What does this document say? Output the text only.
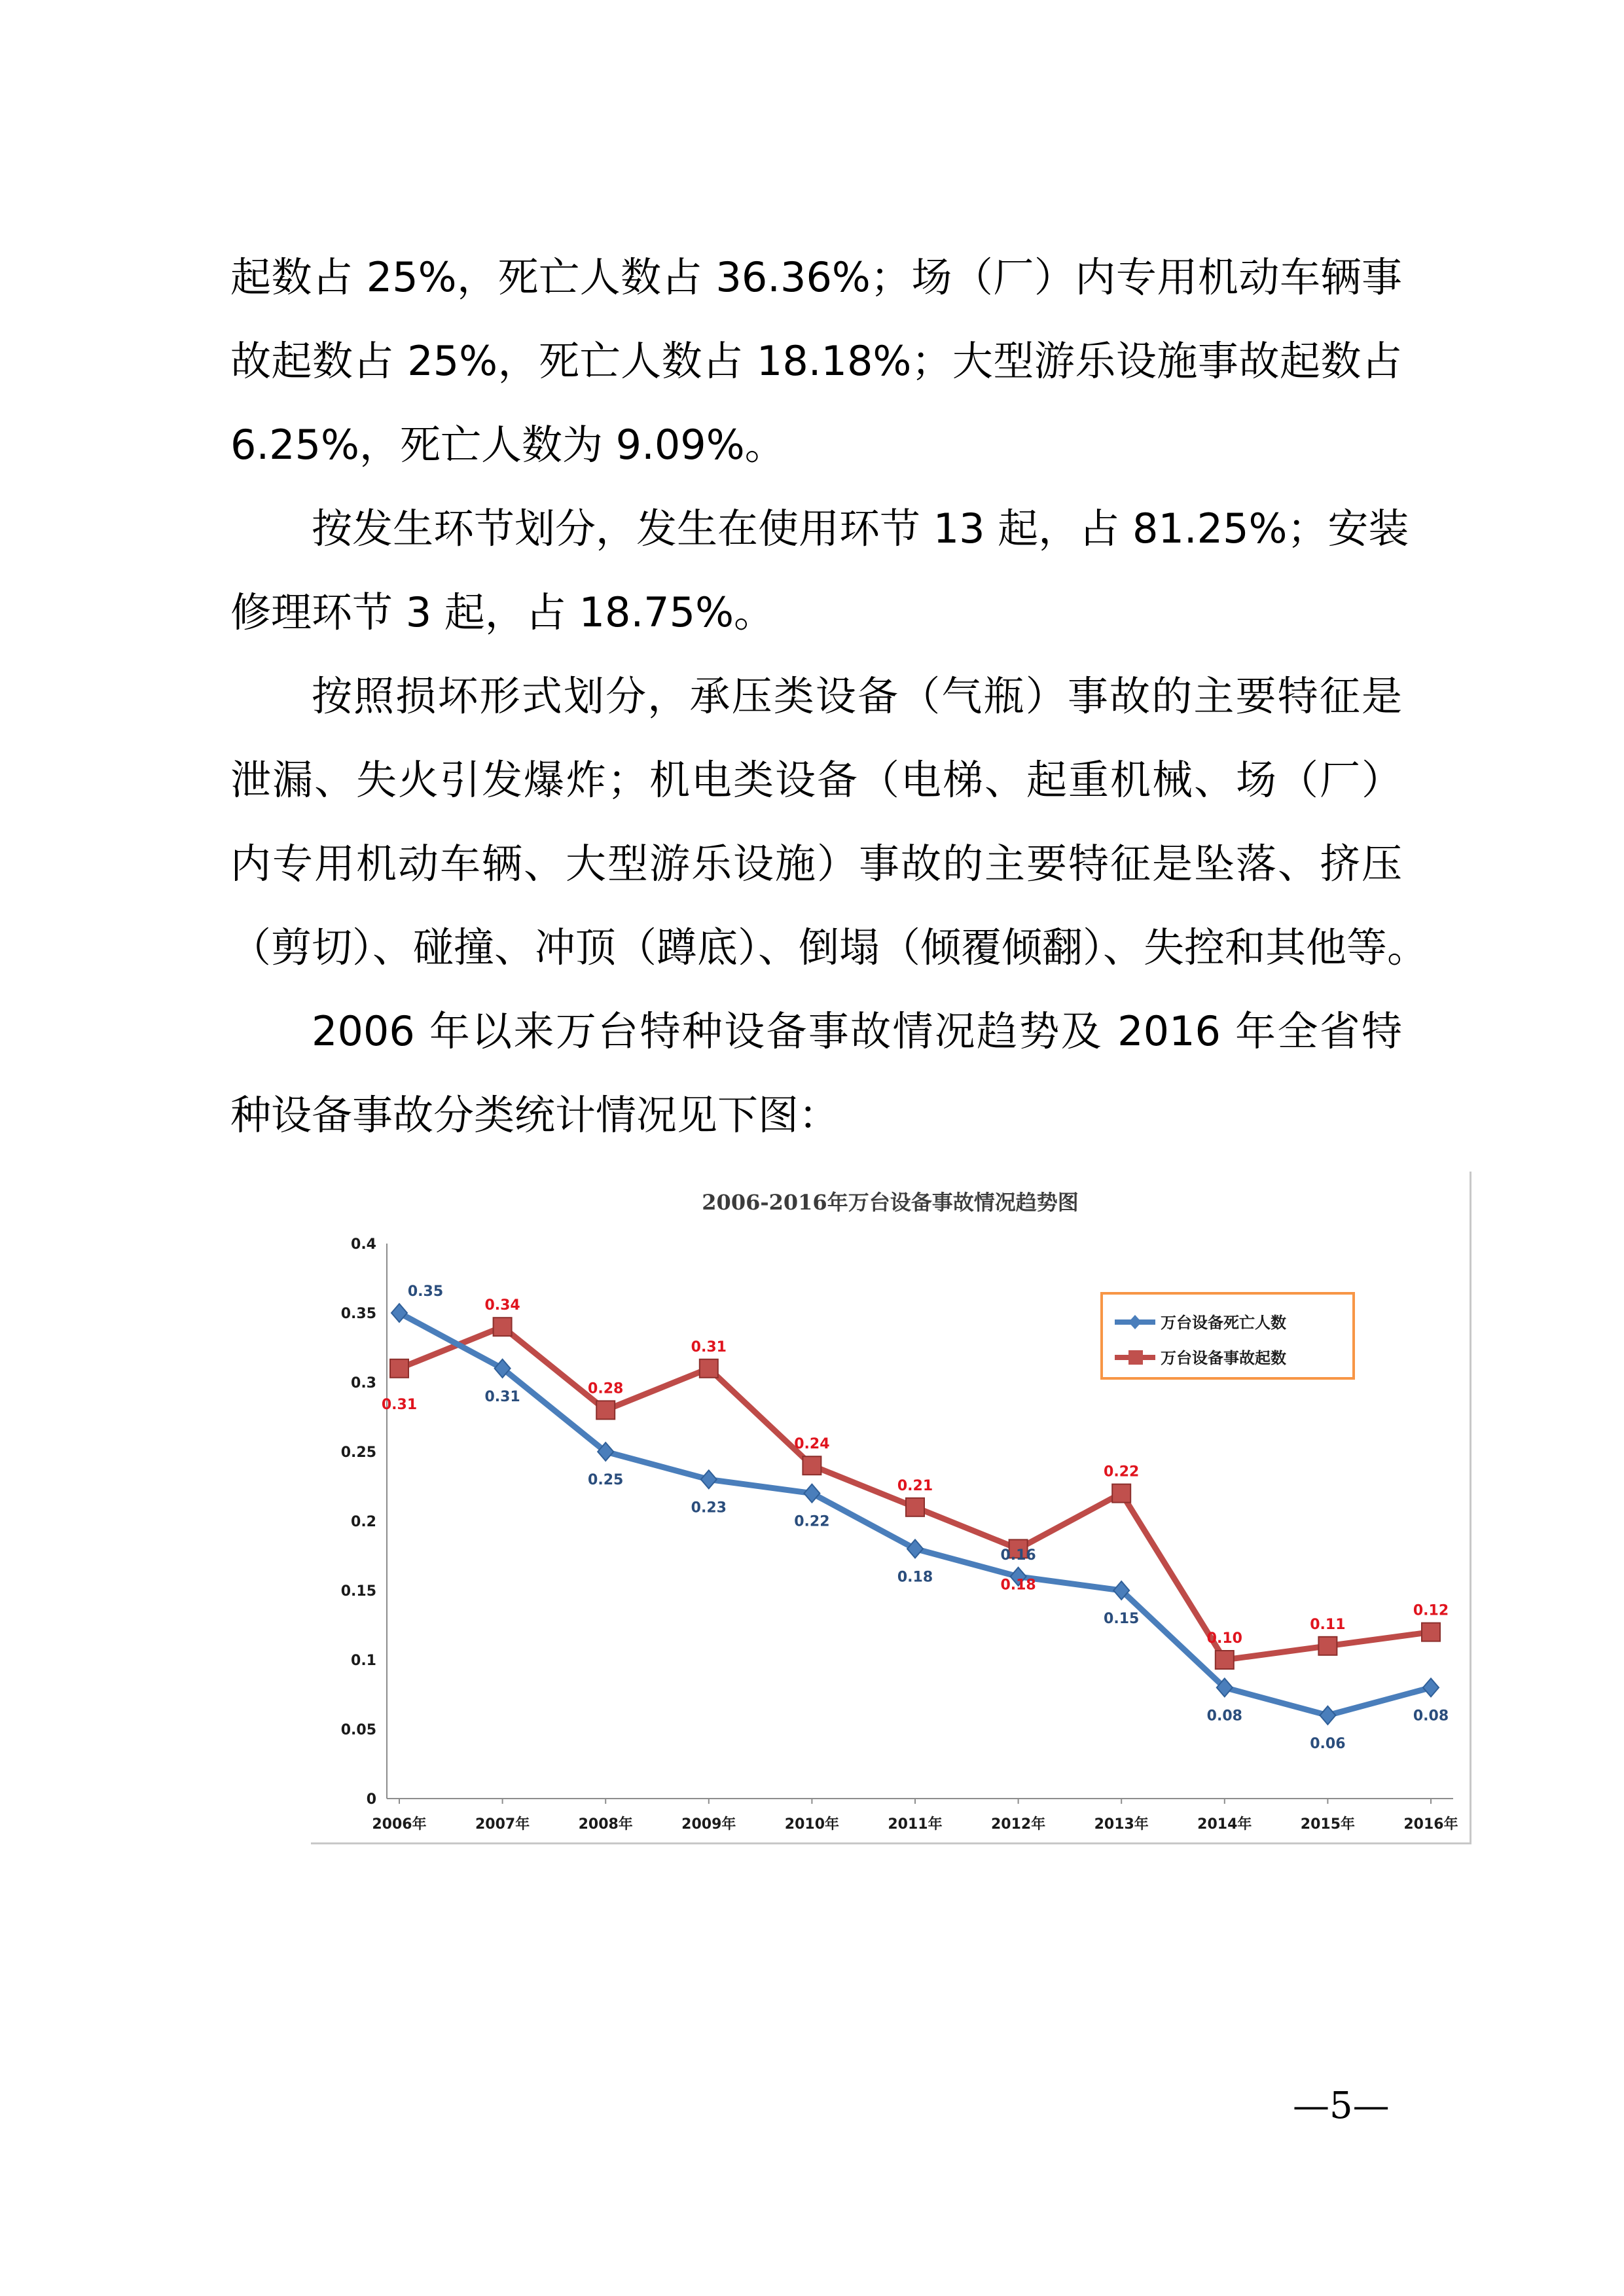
起数占 25%，死亡人数占 36.36%；场（厂）内专用机动车辆事
故起数占 25%，死亡人数占 18.18%；大型游乐设施事故起数占
6.25%，死亡人数为 9.09%。
按发生环节划分，发生在使用环节 13 起，占 81.25%；安装
修理环节 3 起，占 18.75%。
按照损坏形式划分，承压类设备（气瓶）事故的主要特征是
泄漏、失火引发爆炸；机电类设备（电梯、起重机械、场（厂）
内专用机动车辆、大型游乐设施）事故的主要特征是坠落、挤压
（剪切）、碰撞、冲顶（蹲底）、倒塌（倾覆倾翻）、失控和其他等。
2006 年以来万台特种设备事故情况趋势及 2016 年全省特
种设备事故分类统计情况见下图：
2006-2016年万台设备事故情况趋势图
0
0.05
0.1
0.15
0.2
0.25
0.3
0.35
0.4
2006年	2007年	2008年	2009年	2010年	2011年	2012年	2013年	2014年	2015年	2016年
0.35
0.31
0.25
0.23
0.22
0.18
0.16
0.15
0.08
0.06
0.08
0.31
0.34
0.28
0.31
0.24
0.21
0.18
0.22
0.10
0.11
0.12
万台设备死亡人数
万台设备事故起数
—5—
